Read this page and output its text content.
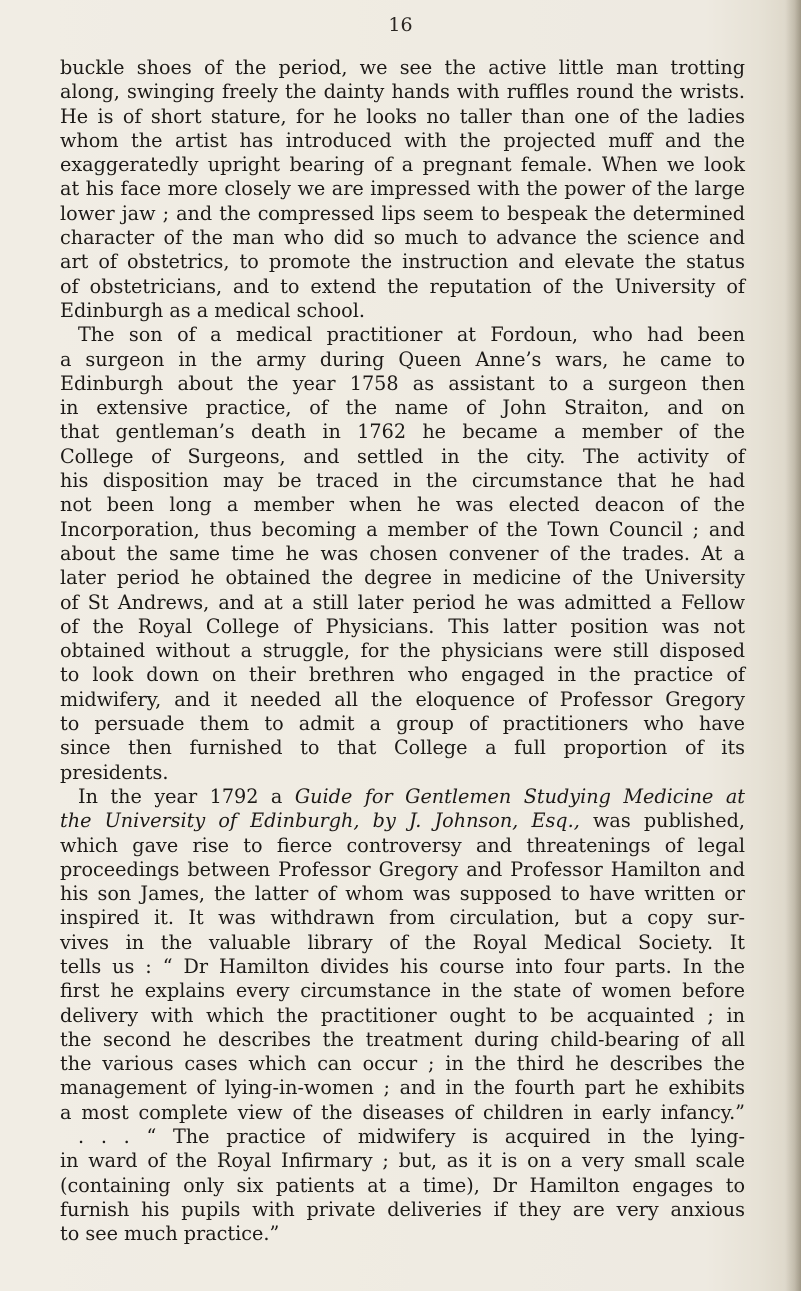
16
buckle shoes of the period, we see the active little man trotting
along, swinging freely the dainty hands with ruffles round the wrists.
He is of short stature, for he looks no taller than one of the ladies
whom the artist has introduced with the projected muff and the
exaggeratedly upright bearing of a pregnant female. When we look
at his face more closely we are impressed with the power of the large
lower jaw ; and the compressed lips seem to bespeak the determined
character of the man who did so much to advance the science and
art of obstetrics, to promote the instruction and elevate the status
of obstetricians, and to extend the reputation of the University of
Edinburgh as a medical school.
The son of a medical practitioner at Fordoun, who had been
a surgeon in the army during Queen Anne’s wars, he came to
Edinburgh about the year 1758 as assistant to a surgeon then
in extensive practice, of the name of John Straiton, and on
that gentleman’s death in 1762 he became a member of the
College of Surgeons, and settled in the city. The activity of
his disposition may be traced in the circumstance that he had
not been long a member when he was elected deacon of the
Incorporation, thus becoming a member of the Town Council ; and
about the same time he was chosen convener of the trades. At a
later period he obtained the degree in medicine of the University
of St Andrews, and at a still later period he was admitted a Fellow
of the Royal College of Physicians. This latter position was not
obtained without a struggle, for the physicians were still disposed
to look down on their brethren who engaged in the practice of
midwifery, and it needed all the eloquence of Professor Gregory
to persuade them to admit a group of practitioners who have
since then furnished to that College a full proportion of its
presidents.
In the year 1792 a Guide for Gentlemen Studying Medicine at
the University of Edinburgh, by J. Johnson, Esq., was published,
which gave rise to fierce controversy and threatenings of legal
proceedings between Professor Gregory and Professor Hamilton and
his son James, the latter of whom was supposed to have written or
inspired it. It was withdrawn from circulation, but a copy sur-
vives in the valuable library of the Royal Medical Society. It
tells us : “ Dr Hamilton divides his course into four parts. In the
first he explains every circumstance in the state of women before
delivery with which the practitioner ought to be acquainted ; in
the second he describes the treatment during child-bearing of all
the various cases which can occur ; in the third he describes the
management of lying-in-women ; and in the fourth part he exhibits
a most complete view of the diseases of children in early infancy.”
. . . “ The practice of midwifery is acquired in the lying-
in ward of the Royal Infirmary ; but, as it is on a very small scale
(containing only six patients at a time), Dr Hamilton engages to
furnish his pupils with private deliveries if they are very anxious
to see much practice.”
